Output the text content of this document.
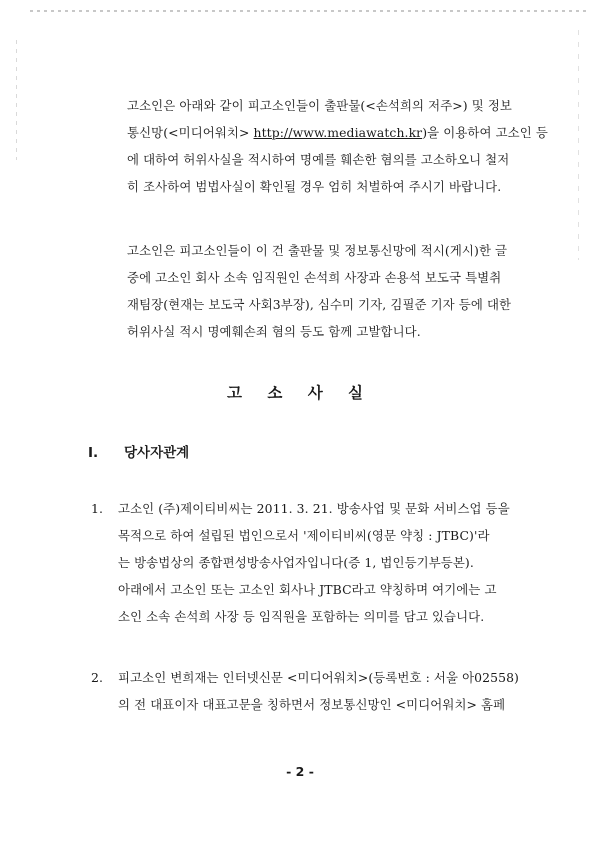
고소인은 아래와 같이 피고소인들이 출판물(<손석희의 저주>) 및 정보
통신망(<미디어워치> http://www.mediawatch.kr)을 이용하여 고소인 등
에 대하여 허위사실을 적시하여 명예를 훼손한 혐의를 고소하오니 철저
히 조사하여 범법사실이 확인될 경우 엄히 처벌하여 주시기 바랍니다.
고소인은 피고소인들이 이 건 출판물 및 정보통신망에 적시(게시)한 글
중에 고소인 회사 소속 임직원인 손석희 사장과 손용석 보도국 특별취
재팀장(현재는 보도국 사회3부장), 심수미 기자, 김필준 기자 등에 대한
허위사실 적시 명예훼손죄 혐의 등도 함께 고발합니다.
고 소 사 실
I. 당사자관계
1. 고소인 (주)제이티비씨는 2011. 3. 21. 방송사업 및 문화 서비스업 등을
목적으로 하여 설립된 법인으로서 '제이티비씨(영문 약칭 : JTBC)'라
는 방송법상의 종합편성방송사업자입니다(증 1, 법인등기부등본).
아래에서 고소인 또는 고소인 회사나 JTBC라고 약칭하며 여기에는 고
소인 소속 손석희 사장 등 임직원을 포함하는 의미를 담고 있습니다.
2. 피고소인 변희재는 인터넷신문 <미디어워치>(등록번호 : 서울 아02558)
의 전 대표이자 대표고문을 칭하면서 정보통신망인 <미디어워치> 홈페
- 2 -
